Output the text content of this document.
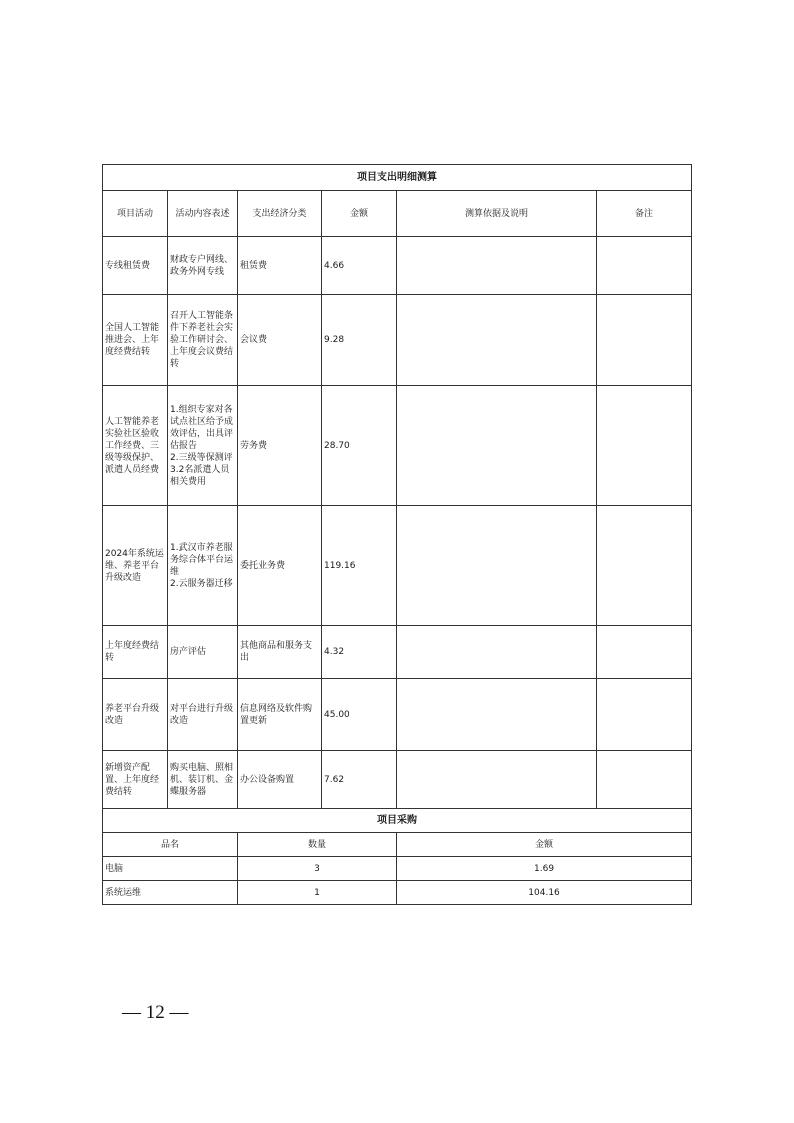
项目支出明细测算					
项目活动	活动内容表述	支出经济分类	金额	测算依据及说明	备注
专线租赁费	财政专户网线、政务外网专线	租赁费	4.66		
全国人工智能推进会、上年度经费结转	召开人工智能条件下养老社会实验工作研讨会、上年度会议费结转	会议费	9.28		
人工智能养老实验社区验收工作经费、三级等级保护、派遣人员经费	1.组织专家对各试点社区给予成效评估，出具评估报告
2.三级等保测评
3.2名派遣人员相关费用	劳务费	28.70		
2024年系统运维、养老平台升级改造	1.武汉市养老服务综合体平台运维
2.云服务器迁移	委托业务费	119.16		
上年度经费结转	房产评估	其他商品和服务支出	4.32		
养老平台升级改造	对平台进行升级改造	信息网络及软件购置更新	45.00		
新增资产配置、上年度经费结转	购买电脑、照相机、装订机、金蝶服务器	办公设备购置	7.62		
项目采购					
品名		数量		金额	
电脑		3		1.69	
系统运维		1		104.16	
— 12 —
